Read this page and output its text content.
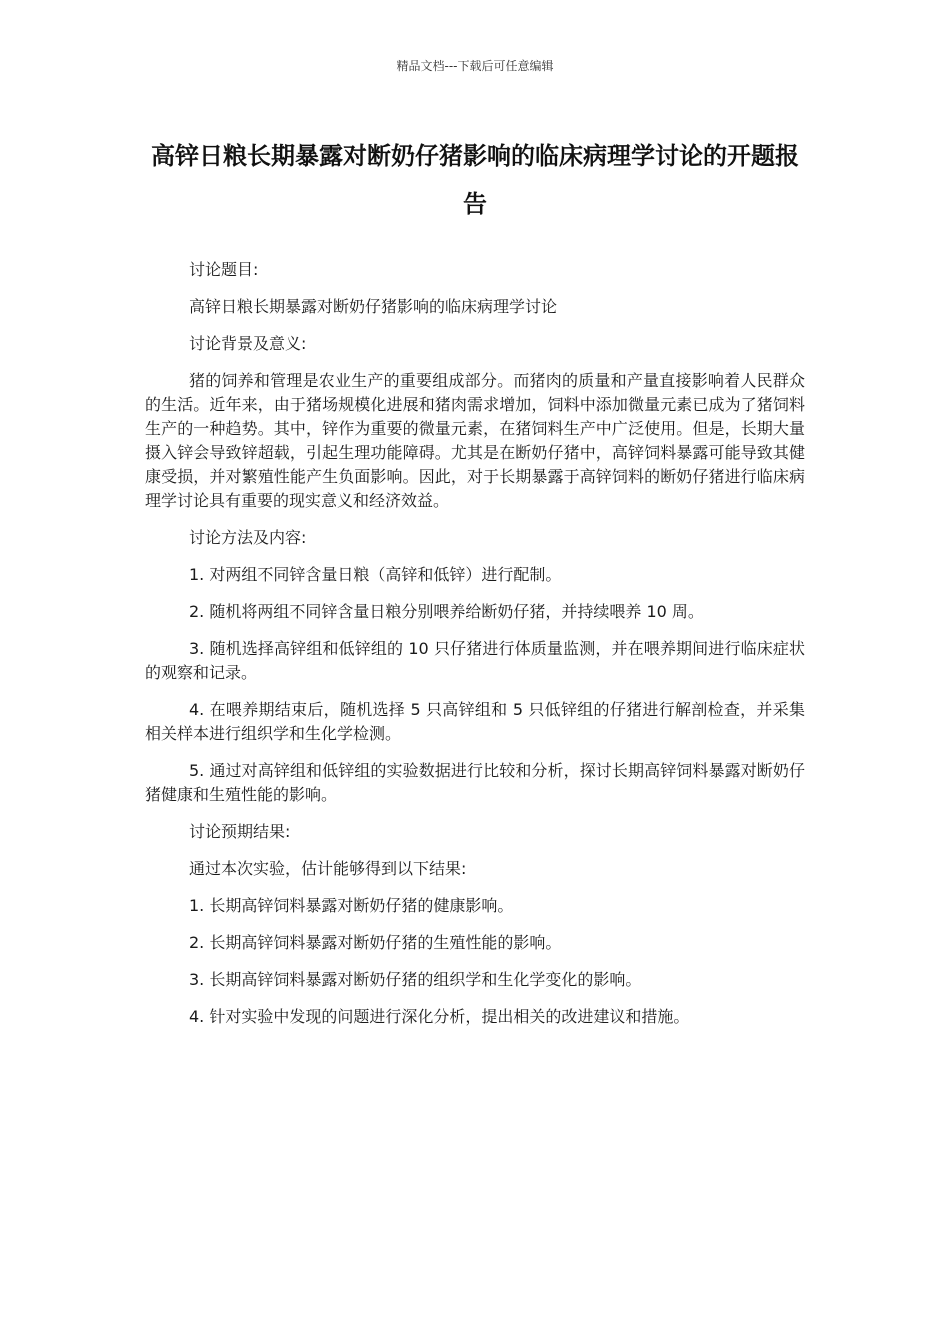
精品文档---下载后可任意编辑
高锌日粮长期暴露对断奶仔猪影响的临床病理学讨论的开题报告

讨论题目:

高锌日粮长期暴露对断奶仔猪影响的临床病理学讨论

讨论背景及意义:

猪的饲养和管理是农业生产的重要组成部分。而猪肉的质量和产量直接影响着人民群众的生活。近年来，由于猪场规模化进展和猪肉需求增加，饲料中添加微量元素已成为了猪饲料生产的一种趋势。其中，锌作为重要的微量元素，在猪饲料生产中广泛使用。但是，长期大量摄入锌会导致锌超载，引起生理功能障碍。尤其是在断奶仔猪中，高锌饲料暴露可能导致其健康受损，并对繁殖性能产生负面影响。因此，对于长期暴露于高锌饲料的断奶仔猪进行临床病理学讨论具有重要的现实意义和经济效益。

讨论方法及内容:

1. 对两组不同锌含量日粮（高锌和低锌）进行配制。

2. 随机将两组不同锌含量日粮分别喂养给断奶仔猪，并持续喂养 10 周。

3. 随机选择高锌组和低锌组的 10 只仔猪进行体质量监测，并在喂养期间进行临床症状的观察和记录。

4. 在喂养期结束后，随机选择 5 只高锌组和 5 只低锌组的仔猪进行解剖检查，并采集相关样本进行组织学和生化学检测。

5. 通过对高锌组和低锌组的实验数据进行比较和分析，探讨长期高锌饲料暴露对断奶仔猪健康和生殖性能的影响。

讨论预期结果:

通过本次实验，估计能够得到以下结果:

1. 长期高锌饲料暴露对断奶仔猪的健康影响。

2. 长期高锌饲料暴露对断奶仔猪的生殖性能的影响。

3. 长期高锌饲料暴露对断奶仔猪的组织学和生化学变化的影响。

4. 针对实验中发现的问题进行深化分析，提出相关的改进建议和措施。
